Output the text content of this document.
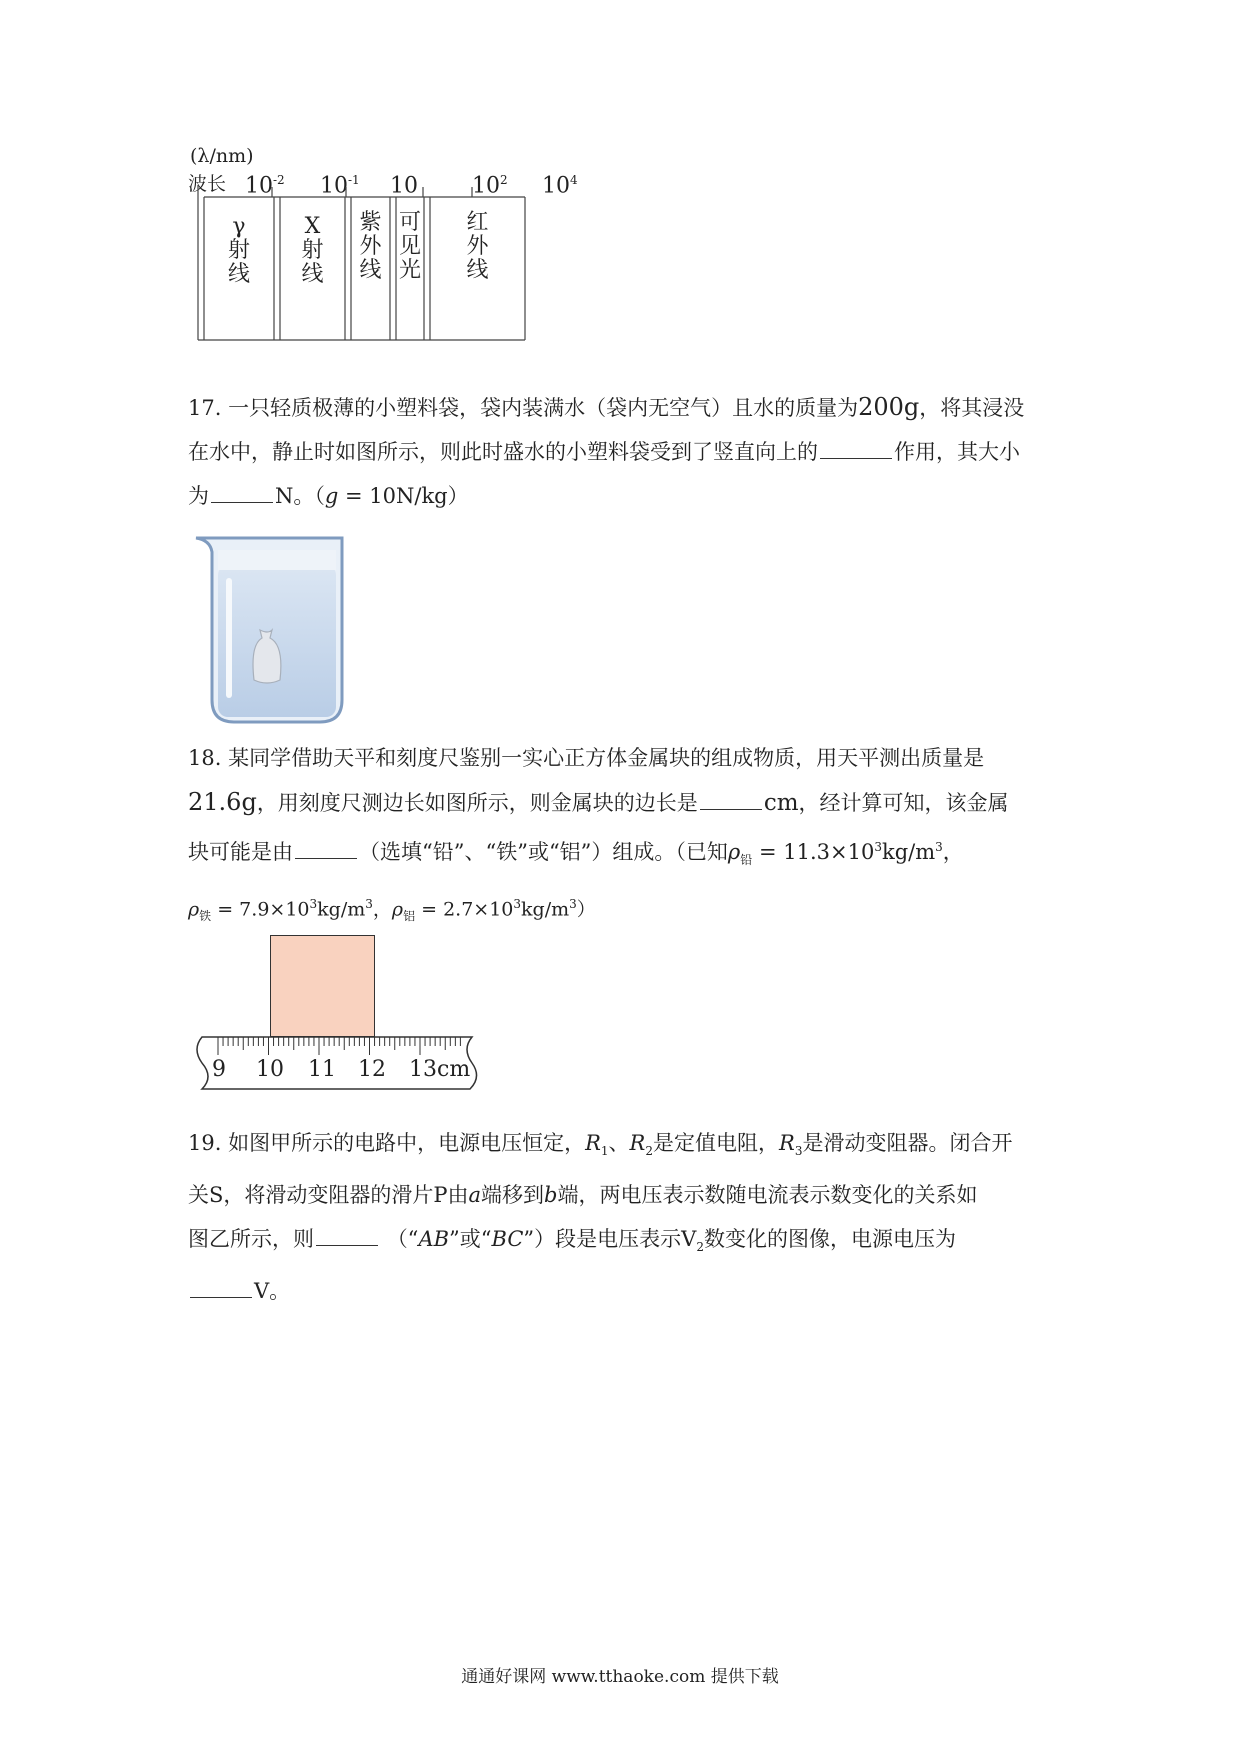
(λ/nm)
波长 $10^{-2}$ $10^{-1}$ 10 $10^2$ $10^4$
γ
射
线
X
射
线
紫
外
线
可
见
光
红
外
线
17. 一只轻质极薄的小塑料袋，袋内装满水（袋内无空气）且水的质量为200g，将其浸没
在水中，静止时如图所示，则此时盛水的小塑料袋受到了竖直向上的	作用，其大小
为	N。（g = 10N/kg）
18. 某同学借助天平和刻度尺鉴别一实心正方体金属块的组成物质，用天平测出质量是
21.6g，用刻度尺测边长如图所示，则金属块的边长是	cm，经计算可知，该金属
块可能是由	（选填“铅”、“铁”或“铝”）组成。（已知$\rho_铅 = 11.3\times 10^3kg/m^3$，
$\rho_铁 = 7.9\times 10^3kg/m^3$，$\rho_铝 = 2.7\times 10^3kg/m^3$）
9 10 11 12 13cm
19. 如图甲所示的电路中，电源电压恒定，$R_1$、$R_2$是定值电阻，$R_3$是滑动变阻器。闭合开
关S，将滑动变阻器的滑片P由a端移到b端，两电压表示数随电流表示数变化的关系如
图乙所示，则	（“AB”或“BC”）段是电压表示$V_2$数变化的图像，电源电压为
V。
通通好课网 www.tthaoke.com 提供下载
